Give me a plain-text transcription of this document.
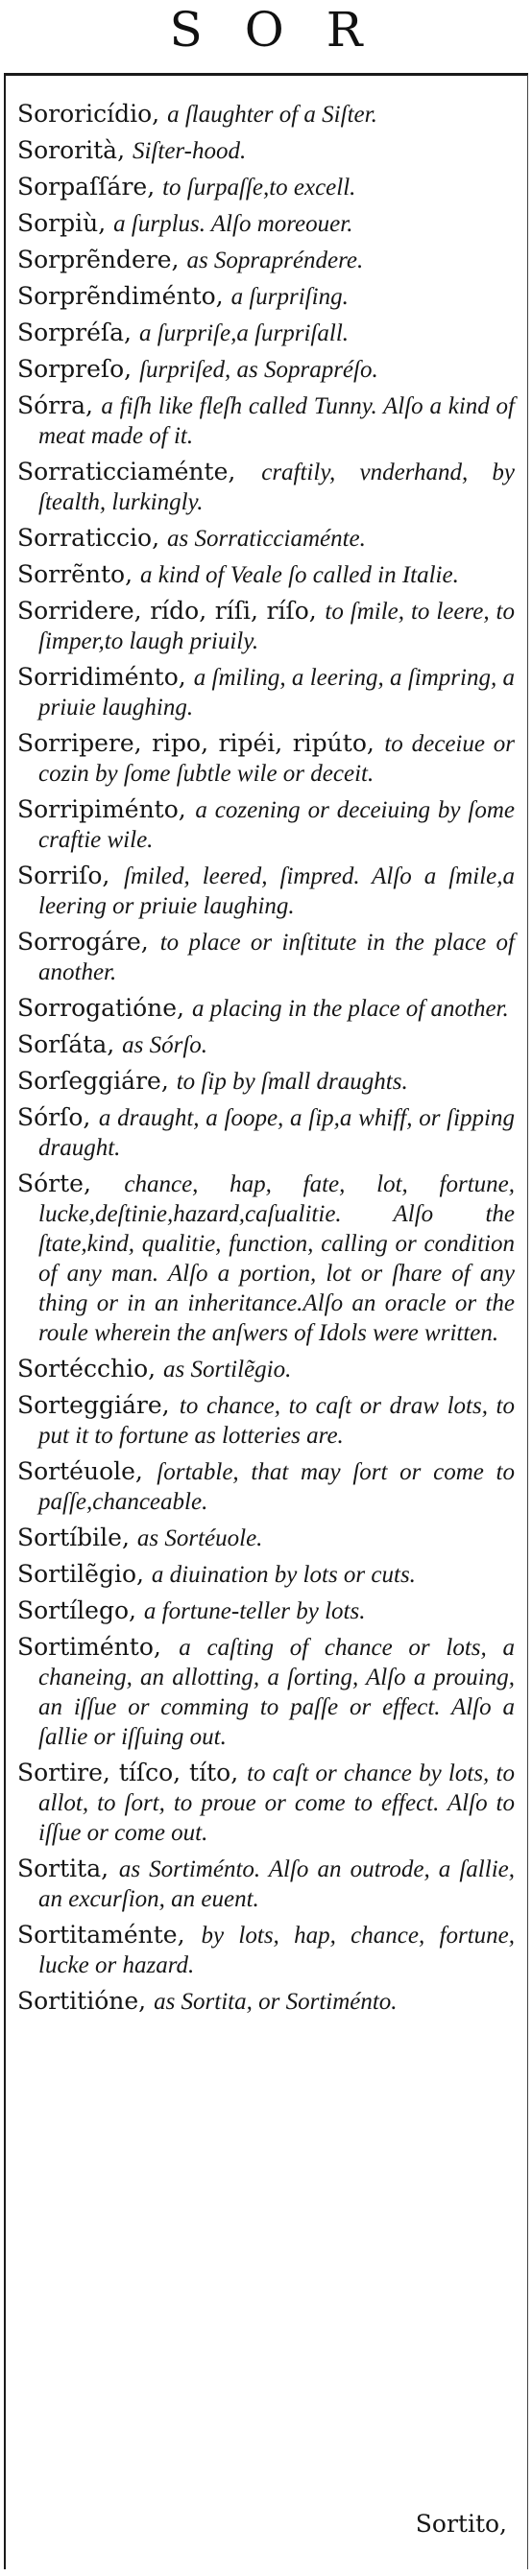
SOR
Sororicídio, a ſlaughter of a Siſter.
Sororità, Siſter-hood.
Sorpaſſáre, to ſurpaſſe,to excell.
Sorpiù, a ſurplus. Alſo moreouer.
Sorprẽndere, as Soprapréndere.
Sorprẽndiménto, a ſurpriſing.
Sorpréſa, a ſurpriſe,a ſurpriſall.
Sorpreſo, ſurpriſed, as Soprapréſo.
Sórra, a fiſh like fleſh called Tunny. Alſo a kind of meat made of it.
Sorraticciaménte, craftily, vnderhand, by ſtealth, lurkingly.
Sorraticcio, as Sorraticciaménte.
Sorrẽnto, a kind of Veale ſo called in Italie.
Sorridere, rído, ríſi, ríſo, to ſmile, to leere, to ſimper,to laugh priuily.
Sorridiménto, a ſmiling, a leering, a ſimpring, a priuie laughing.
Sorripere, ripo, ripéi, ripúto, to deceiue or cozin by ſome ſubtle wile or deceit.
Sorripiménto, a cozening or deceiuing by ſome craftie wile.
Sorriſo, ſmiled, leered, ſimpred. Alſo a ſmile,a leering or priuie laughing.
Sorrogáre, to place or inſtitute in the place of another.
Sorrogatióne, a placing in the place of another.
Sorſáta, as Sórſo.
Sorſeggiáre, to ſip by ſmall draughts.
Sórſo, a draught, a ſoope, a ſip,a whiff, or ſipping draught.
Sórte, chance, hap, fate, lot, fortune, lucke,deſtinie,hazard,caſualitie. Alſo the ſtate,kind, qualitie, function, calling or condition of any man. Alſo a portion, lot or ſhare of any thing or in an inheritance.Alſo an oracle or the roule wherein the anſwers of Idols were written.
Sortécchio, as Sortilẽgio.
Sorteggiáre, to chance, to caſt or draw lots, to put it to fortune as lotteries are.
Sortéuole, ſortable, that may ſort or come to paſſe,chanceable.
Sortíbile, as Sortéuole.
Sortilẽgio, a diuination by lots or cuts.
Sortílego, a fortune-teller by lots.
Sortiménto, a caſting of chance or lots, a chaneing, an allotting, a ſorting, Alſo a prouing, an iſſue or comming to paſſe or effect. Alſo a ſallie or iſſuing out.
Sortire, tíſco, títo, to caſt or chance by lots, to allot, to ſort, to proue or come to effect. Alſo to iſſue or come out.
Sortita, as Sortiménto. Alſo an outrode, a ſallie, an excurſion, an euent.
Sortitaménte, by lots, hap, chance, fortune, lucke or hazard.
Sortitióne, as Sortita, or Sortiménto.
Sortito,
